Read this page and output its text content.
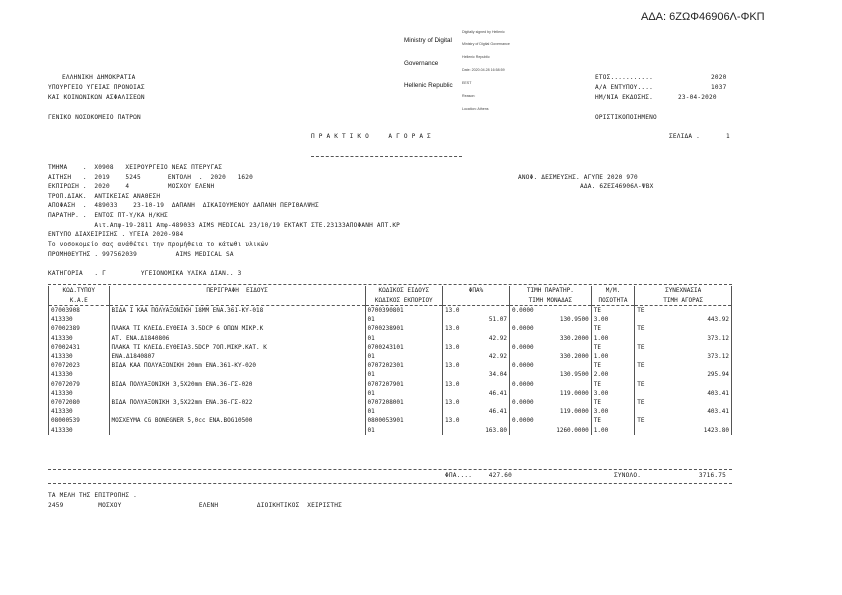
ΑΔΑ: 6ΖΩΦ46906Λ-ΦΚΠ

Ministry of Digital

Governance

Hellenic Republic

Digitally signed by Hellenic

Ministry of Digital Governance

Hellenic Republic

Date: 2020.04.28 16:58:59

EEST

Reason:

Location: Athens

ΕΛΛΗΝΙΚΗ ΔΗΜΟΚΡΑΤΙΑ
ΥΠΟΥΡΓΕΙΟ ΥΓΕΙΑΣ ΠΡΟΝΟΙΑΣ
ΚΑΙ ΚΟΙΝΩΝΙΚΩΝ ΑΣΦΑΛΙΣΕΩΝ
ΓΕΝΙΚΟ ΝΟΣΟΚΟΜΕΙΟ ΠΑΤΡΩΝ
ΕΤΟΣ...........	2020
Α/Α ΕΝΤΥΠΟΥ....	1037
ΗΜ/ΝΙΑ ΕΚΔΟΣΗΣ.	23-04-2020
ΟΡΙΣΤΙΚΟΠΟΙΗΜΕΝΟ
Π Ρ Α Κ Τ Ι Κ Ο     Α Γ Ο Ρ Α Σ	ΣΕΛΙΔΑ .	1
ΤΜΗΜΑ    .  Χ0908   ΧΕΙΡΟΥΡΓΕΙΟ ΝΕΑΣ ΠΤΕΡΥΓΑΣ
ΑΙΤΗΣΗ   .  2019    5245       ΕΝΤΟΛΗ  .  2020   1620
ΕΚΠΙΡΩΣΗ .  2020    4          ΜΟΣΧΟΥ ΕΛΕΝΗ
ΤΡΟΠ.ΔΙΑΚ.  ΑΝΤΙΚΕΙΑΣ ΑΝΑΘΕΣΗ
ΑΠΟΦΑΣΗ  .  489033    23-10-19  ΔΑΠΑΝΗ  ΔΙΚΑΙΟΥΜΕΝΟΥ ΔΑΠΑΝΗ ΠΕΡΙΘΑΛΨΗΣ
ΠΑΡΑΤΗΡ. .  ΕΝΤΟΣ ΠΤ-Υ/ΚΑ Η/ΚΗΣ
Αιτ.Απφ-19-2811 Απφ-489033 AIMS MEDICAL 23/10/19 ΕΚΤΑΚΤ ΣΤΕ.23133ΑΠΟΦΑΝΗ ΑΠΤ.ΚΡ
ΕΝΤΥΠΟ ΔΙΑΧΕΙΡΙΣΗΣ . ΥΓΕΙΑ 2020-984
Το νοσοκομείο σας ανάθέτει την προμήθεια το κάτωθι υλικών
ΠΡΟΜΗΘΕΥΤΗΣ . 997562039          AIMS MEDICAL SA
ΑΝΟΦ. ΔΕΣΜΕΥΣΗΣ. ΑΓΥΠΕ 2020 970
ΑΔΑ. 6ΖΕΣ46906Λ-ΨΒΧ
ΚΑΤΗΓΟΡΙΑ   . Γ         ΥΓΕΙΟΝΟΜΙΚΑ ΥΛΙΚΑ ΔΙΑΝ.. 3
ΚΩΔ.ΤΥΠΟΥ	ΠΕΡΙΓΡΑΦΗ  ΕΙΔΟΥΣ	ΚΩΔΙΚΟΣ ΕΙΔΟΥΣ	ΦΠΑ%	ΤΙΜΗ ΠΑΡΑΤΗΡ.	Μ/Μ.	ΣΥΝΕΧΝΑΣΙΑ
Κ.Α.Ε		ΚΩΔΙΚΟΣ ΕΚΠΟΡΙΟΥ		ΤΙΜΗ ΜΟΝΑΔΑΣ	ΠΟΣΟΤΗΤΑ	ΤΙΜΗ ΑΓΟΡΑΣ
07003908	ΒΙΔΑ Ι ΚΑΑ ΠΟΛΥΑΞΟΝΙΚΗ 18ΜΜ ΕΝΑ.361-ΚΥ-018	0700390801	13.0	0.0000	ΤΕ	ΤΕ
413330		01	51.07	130.9500	3.00	443.92
07002389	ΠΛΑΚΑ ΤΙ ΚΛΕΙΔ.ΕΥΘΕΙΑ 3.5DCP 6 ΟΠΩΝ ΜΙΚΡ.Κ	0700238901	13.0	0.0000	ΤΕ	ΤΕ
413330	ΑΤ. ΕΝΑ.Δ1840806	01	42.92	330.2000	1.00	373.12
07002431	ΠΛΑΚΑ ΤΙ ΚΛΕΙΔ.ΕΥΘΕΙΑ3.5DCP 7ΟΠ.ΜΙΚΡ.ΚΑΤ. Κ	0700243101	13.0	0.0000	ΤΕ	ΤΕ
413330	ΕΝΑ.Δ1840807	01	42.92	330.2000	1.00	373.12
07072023	ΒΙΔΑ ΚΑΑ ΠΟΛΥΑΞΟΝΙΚΗ 20mm ΕΝΑ.361-ΚΥ-020	0707202301	13.0	0.0000	ΤΕ	ΤΕ
413330		01	34.04	130.9500	2.00	295.94
07072079	ΒΙΔΑ ΠΟΛΥΑΞΟΝΙΚΗ 3,5Χ20mm ΕΝΑ.36-ΓΣ-020	0707207901	13.0	0.0000	ΤΕ	ΤΕ
413330		01	46.41	119.0000	3.00	403.41
07072080	ΒΙΔΑ ΠΟΛΥΑΞΟΝΙΚΗ 3,5Χ22mm ΕΝΑ.36-ΓΣ-022	0707208001	13.0	0.0000	ΤΕ	ΤΕ
413330		01	46.41	119.0000	3.00	403.41
08000539	ΜΟΣΧΕΥΜΑ CG BONEGNER 5,0cc ΕΝΑ.BOG10500	0800053901	13.0	0.0000	ΤΕ	ΤΕ
413330		01	163.80	1260.0000	1.00	1423.80
ΦΠΑ....	427.60	ΣΥΝΟΛΟ.	3716.75
ΤΑ ΜΕΛΗ ΤΗΣ ΕΠΙΤΡΟΠΗΣ .
2459         ΜΟΣΧΟΥ                    ΕΛΕΝΗ          ΔΙΟΙΚΗΤΙΚΟΣ  ΧΕΙΡΙΣΤΗΣ
